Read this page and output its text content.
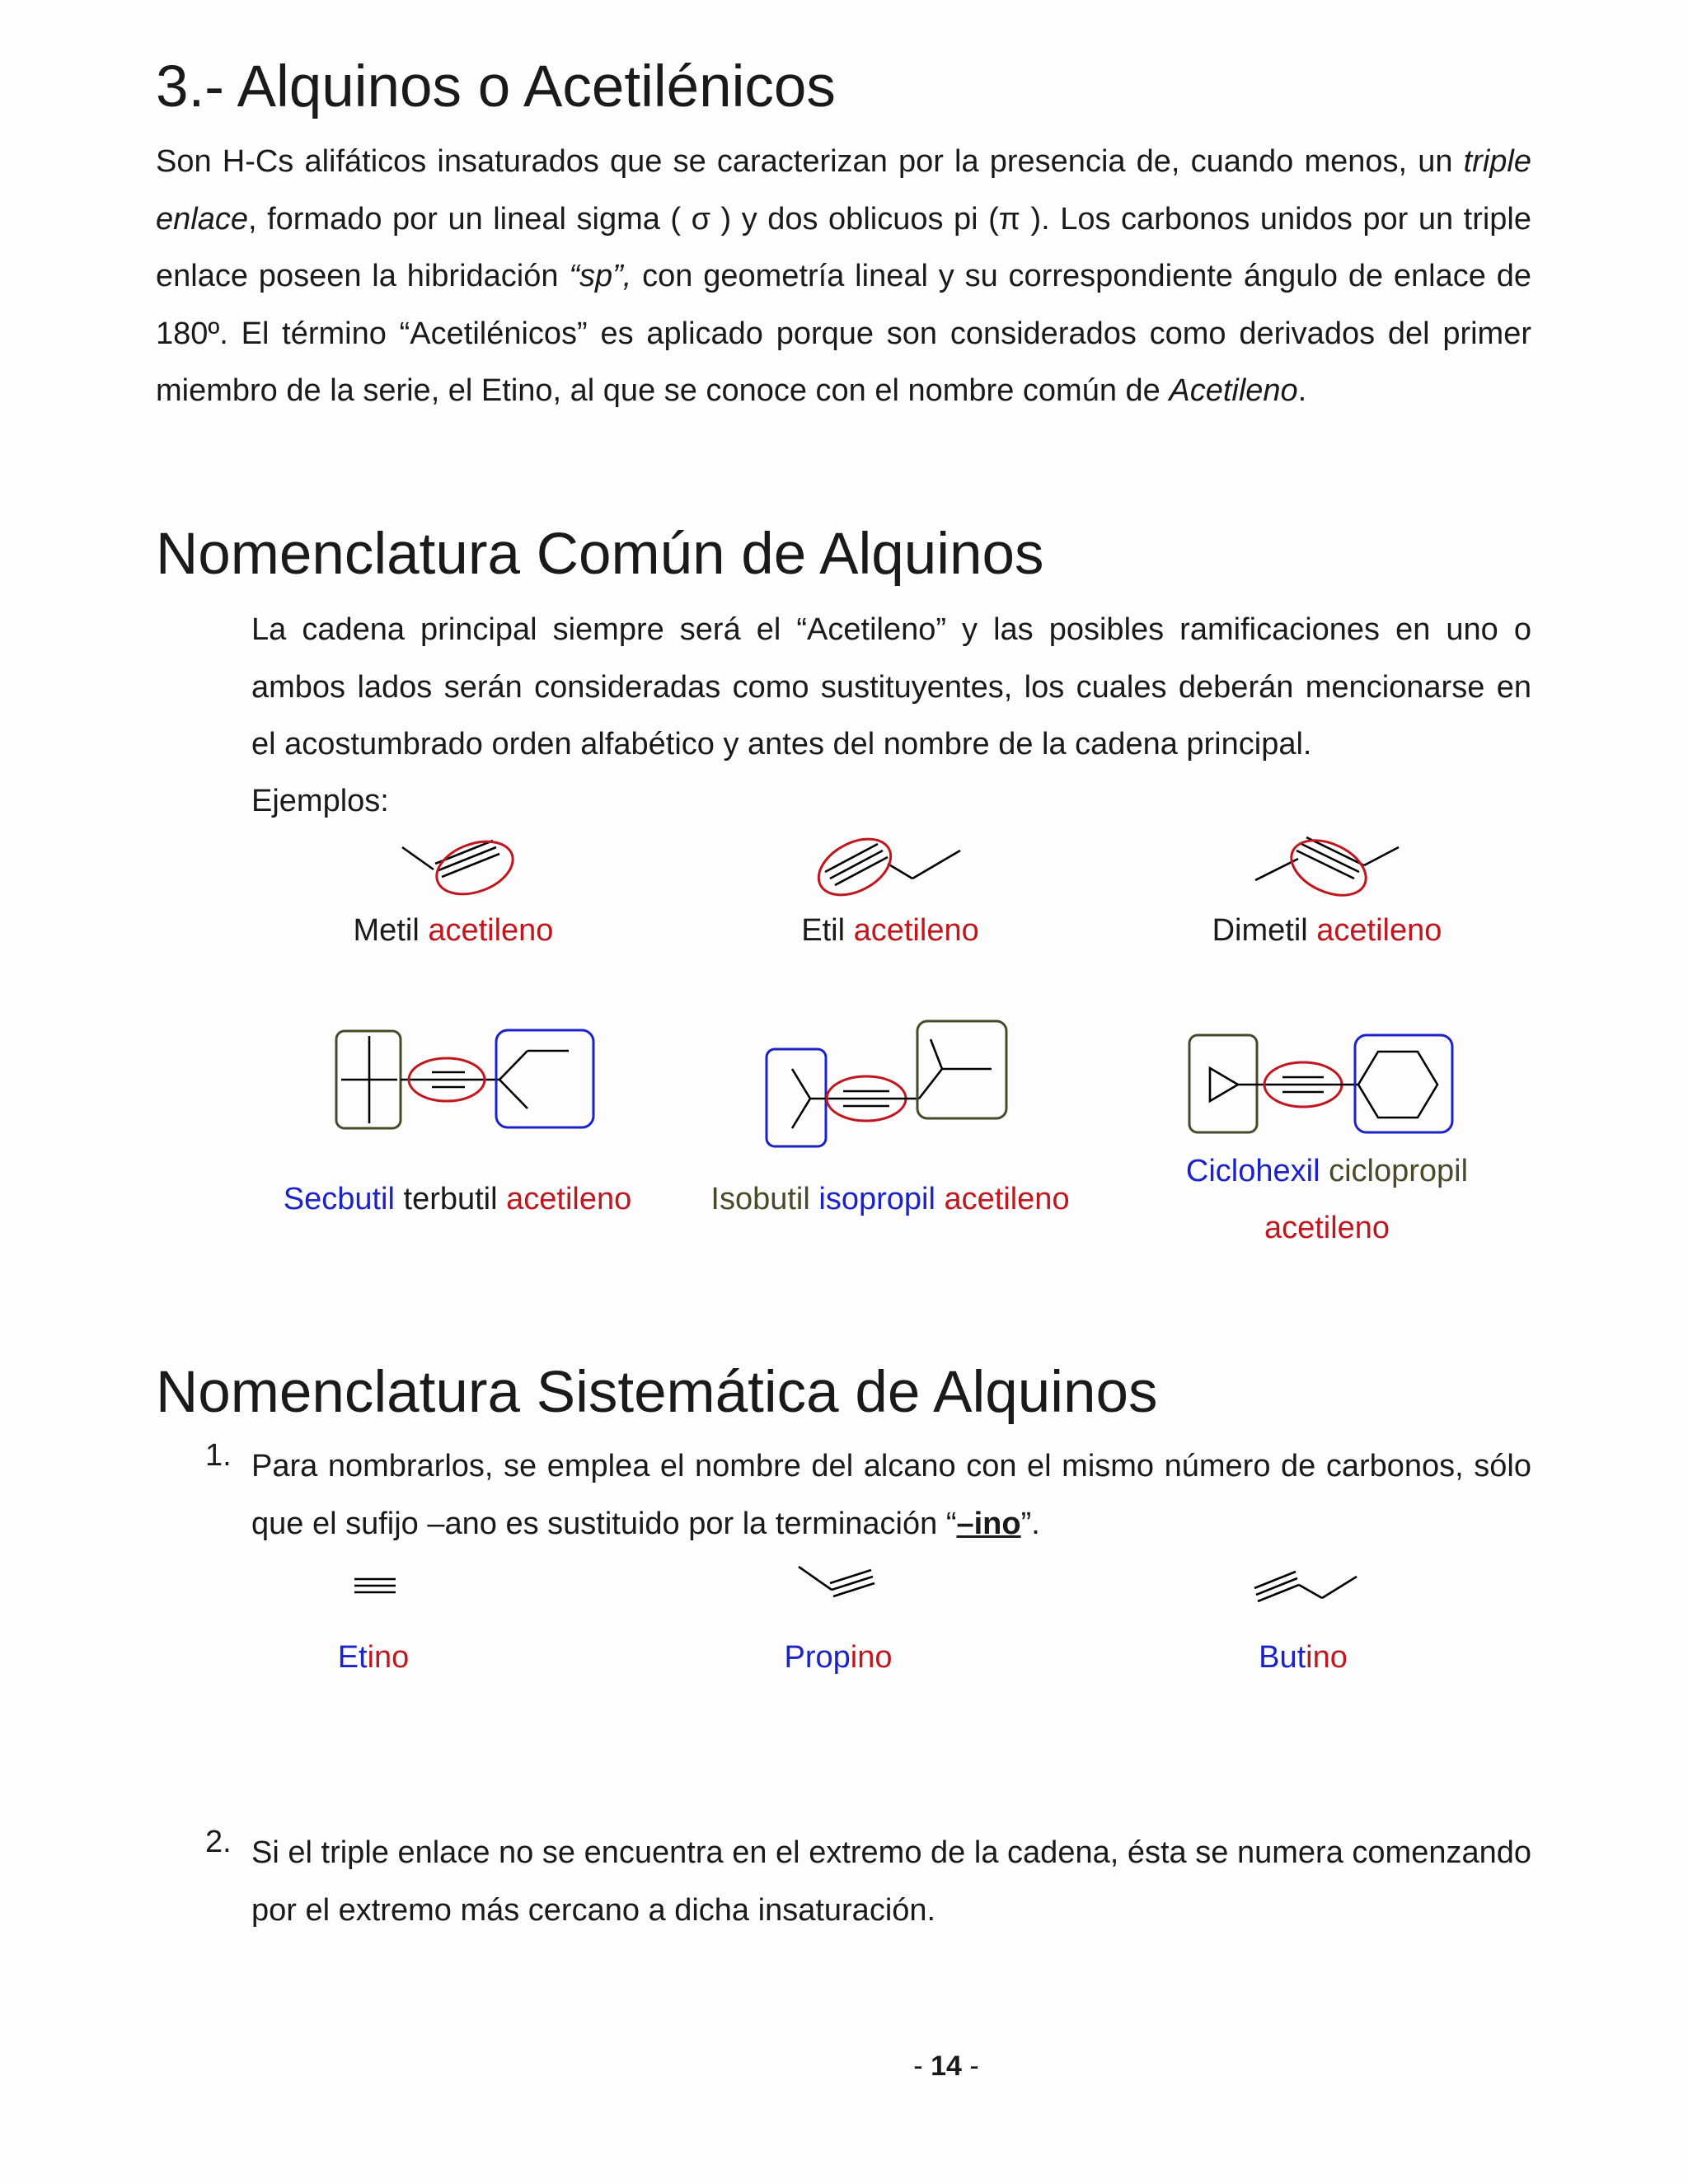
3.- Alquinos o Acetilénicos
Son H-Cs alifáticos insaturados que se caracterizan por la presencia de, cuando menos, un triple enlace, formado por un lineal sigma ( σ ) y dos oblicuos pi (π ). Los carbonos unidos por un triple enlace poseen la hibridación “sp”, con geometría lineal y su correspondiente ángulo de enlace de 180º. El término “Acetilénicos” es aplicado porque son considerados como derivados del primer miembro de la serie, el Etino, al que se conoce con el nombre común de Acetileno.
Nomenclatura Común de Alquinos
La cadena principal siempre será el “Acetileno” y las posibles ramificaciones en uno o ambos lados serán consideradas como sustituyentes, los cuales deberán mencionarse en el acostumbrado orden alfabético y antes del nombre de la cadena principal.
Ejemplos:
Metil acetileno	Etil acetileno	Dimetil acetileno
Secbutil terbutil acetileno	Isobutil isopropil acetileno
Ciclohexil ciclopropil
acetileno
Nomenclatura Sistemática de Alquinos
1. Para nombrarlos, se emplea el nombre del alcano con el mismo número de carbonos, sólo que el sufijo –ano es sustituido por la terminación “–ino”.
Etino	Propino	Butino
2. Si el triple enlace no se encuentra en el extremo de la cadena, ésta se numera comenzando por el extremo más cercano a dicha insaturación.
- 14 -
